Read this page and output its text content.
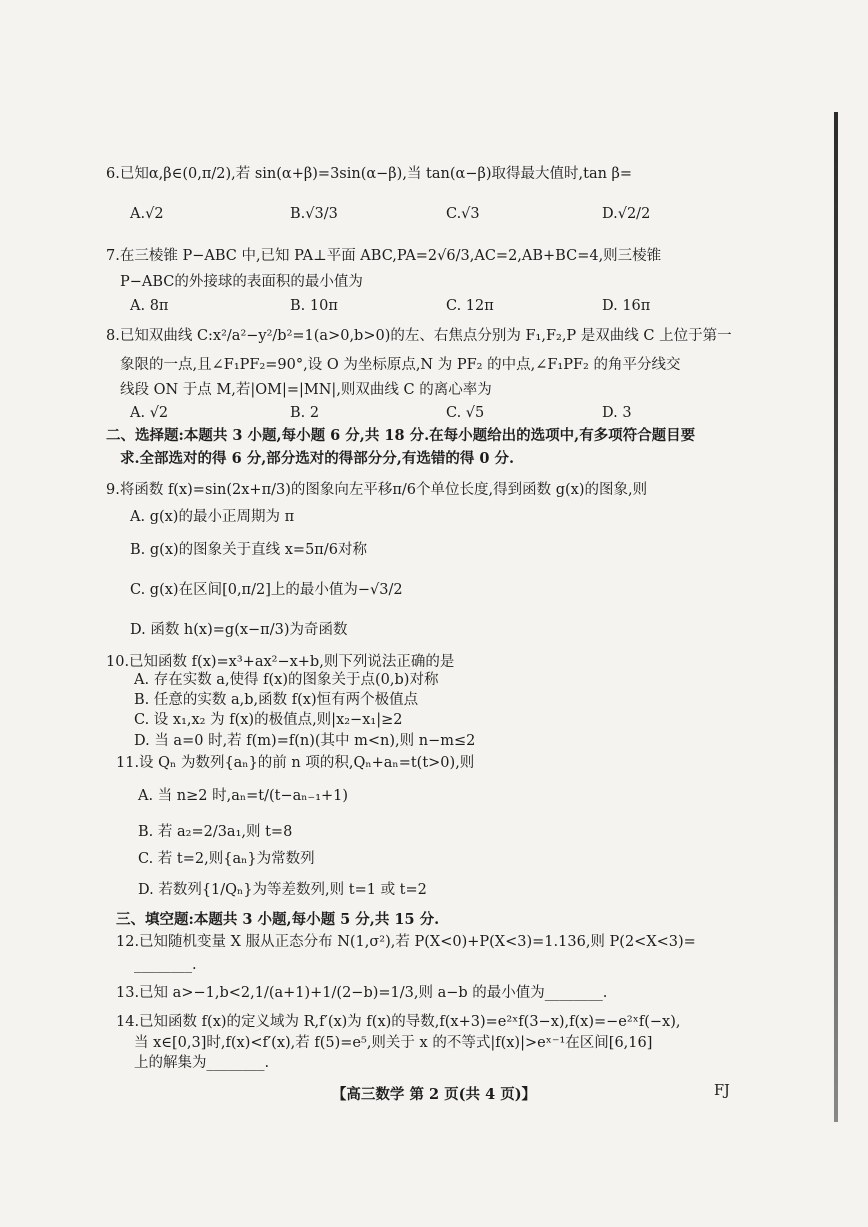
6.已知α,β∈(0,π/2),若 sin(α+β)=3sin(α−β),当 tan(α−β)取得最大值时,tan β=
A.√2	B.√3/3	C.√3	D.√2/2
7.在三棱锥 P−ABC 中,已知 PA⊥平面 ABC,PA=2√6/3,AC=2,AB+BC=4,则三棱锥
P−ABC的外接球的表面积的最小值为
A. 8π	B. 10π	C. 12π	D. 16π
8.已知双曲线 C:x²/a²−y²/b²=1(a>0,b>0)的左、右焦点分别为 F₁,F₂,P 是双曲线 C 上位于第一
象限的一点,且∠F₁PF₂=90°,设 O 为坐标原点,N 为 PF₂ 的中点,∠F₁PF₂ 的角平分线交
线段 ON 于点 M,若|OM|=|MN|,则双曲线 C 的离心率为
A. √2	B. 2	C. √5	D. 3
二、选择题:本题共 3 小题,每小题 6 分,共 18 分.在每小题给出的选项中,有多项符合题目要
求.全部选对的得 6 分,部分选对的得部分分,有选错的得 0 分.
9.将函数 f(x)=sin(2x+π/3)的图象向左平移π/6个单位长度,得到函数 g(x)的图象,则
A. g(x)的最小正周期为 π
B. g(x)的图象关于直线 x=5π/6对称
C. g(x)在区间[0,π/2]上的最小值为−√3/2
D. 函数 h(x)=g(x−π/3)为奇函数
10.已知函数 f(x)=x³+ax²−x+b,则下列说法正确的是
A. 存在实数 a,使得 f(x)的图象关于点(0,b)对称
B. 任意的实数 a,b,函数 f(x)恒有两个极值点
C. 设 x₁,x₂ 为 f(x)的极值点,则|x₂−x₁|≥2
D. 当 a=0 时,若 f(m)=f(n)(其中 m<n),则 n−m≤2
11.设 Qₙ 为数列{aₙ}的前 n 项的积,Qₙ+aₙ=t(t>0),则
A. 当 n≥2 时,aₙ=t/(t−aₙ₋₁+1)
B. 若 a₂=2/3a₁,则 t=8
C. 若 t=2,则{aₙ}为常数列
D. 若数列{1/Qₙ}为等差数列,则 t=1 或 t=2
三、填空题:本题共 3 小题,每小题 5 分,共 15 分.
12.已知随机变量 X 服从正态分布 N(1,σ²),若 P(X<0)+P(X<3)=1.136,则 P(2<X<3)=
________.
13.已知 a>−1,b<2,1/(a+1)+1/(2−b)=1/3,则 a−b 的最小值为________.
14.已知函数 f(x)的定义域为 R,f′(x)为 f(x)的导数,f(x+3)=e²ˣf(3−x),f(x)=−e²ˣf(−x),
当 x∈[0,3]时,f(x)<f′(x),若 f(5)=e⁵,则关于 x 的不等式|f(x)|>eˣ⁻¹在区间[6,16]
上的解集为________.
【高三数学 第 2 页(共 4 页)】	FJ
